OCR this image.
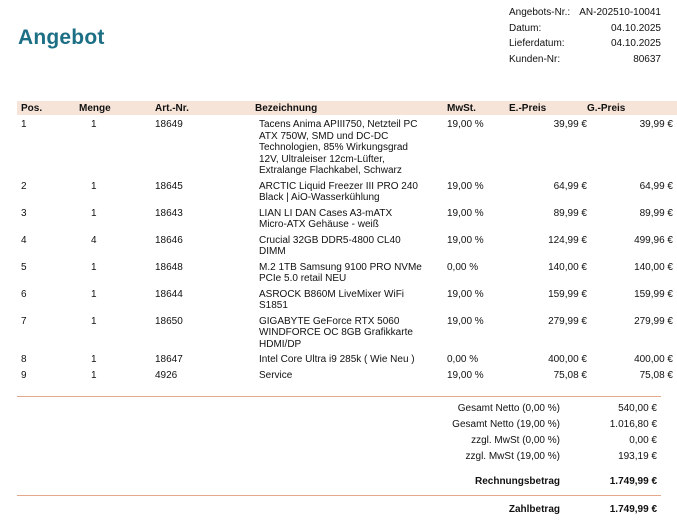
Angebot
Angebots-Nr.: AN-202510-10041
Datum:	04.10.2025
Lieferdatum:	04.10.2025
Kunden-Nr:	80637
Pos.	Menge	Art.-Nr.	Bezeichnung	MwSt.	E.-Preis	G.-Preis
1	1	18649	Tacens Anima APIII750, Netzteil PC
ATX 750W, SMD und DC-DC
Technologien, 85% Wirkungsgrad
12V, Ultraleiser 12cm-Lüfter,
Extralange Flachkabel, Schwarz	19,00 %	39,99 €	39,99 €
2	1	18645	ARCTIC Liquid Freezer III PRO 240
Black | AiO-Wasserkühlung	19,00 %	64,99 €	64,99 €
3	1	18643	LIAN LI DAN Cases A3-mATX
Micro-ATX Gehäuse - weiß	19,00 %	89,99 €	89,99 €
4	4	18646	Crucial 32GB DDR5-4800 CL40
DIMM	19,00 %	124,99 €	499,96 €
5	1	18648	M.2 1TB Samsung 9100 PRO NVMe
PCIe 5.0 retail NEU	0,00 %	140,00 €	140,00 €
6	1	18644	ASROCK B860M LiveMixer WiFi
S1851	19,00 %	159,99 €	159,99 €
7	1	18650	GIGABYTE GeForce RTX 5060
WINDFORCE OC 8GB Grafikkarte
HDMI/DP	19,00 %	279,99 €	279,99 €
8	1	18647	Intel Core Ultra i9 285k ( Wie Neu )	0,00 %	400,00 €	400,00 €
9	1	4926	Service	19,00 %	75,08 €	75,08 €
Gesamt Netto (0,00 %)	540,00 €
Gesamt Netto (19,00 %)	1.016,80 €
zzgl. MwSt (0,00 %)	0,00 €
zzgl. MwSt (19,00 %)	193,19 €
Rechnungsbetrag	1.749,99 €
Zahlbetrag	1.749,99 €
